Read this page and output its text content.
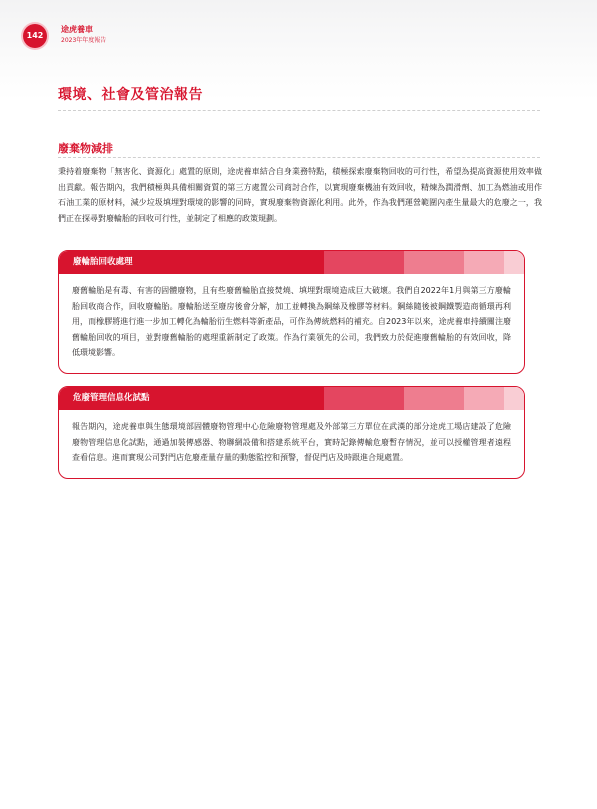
142
途虎養車
2023年年度報告
環境、社會及管治報告
廢棄物減排
秉持着廢棄物「無害化、資源化」處置的原則，途虎養車結合自身業務特點，積極探索廢棄物回收的可行性，希望為提高資源使用效率做出貢獻。報告期內，我們積極與具備相關資質的第三方處置公司商討合作，以實現廢棄機油有效回收，精煉為潤滑劑、加工為燃油或用作石油工業的原材料，減少垃圾填埋對環境的影響的同時，實現廢棄物資源化利用。此外，作為我們運營範圍內產生量最大的危廢之一，我們正在探尋對廢輪胎的回收可行性，並制定了相應的政策規劃。
廢輪胎回收處理
廢舊輪胎是有毒、有害的固體廢物，且有些廢舊輪胎直接焚燒、填埋對環境造成巨大破壞。我們自2022年1月與第三方廢輪胎回收商合作，回收廢輪胎。廢輪胎送至廢房後會分解，加工並轉換為鋼絲及橡膠等材料。鋼絲隨後被鋼鐵製造商循環再利用，而橡膠將進行進一步加工轉化為輪胎衍生燃料等新產品，可作為傳統燃料的補充。自2023年以來，途虎養車持續關注廢舊輪胎回收的項目，並對廢舊輪胎的處理重新制定了政策。作為行業領先的公司，我們致力於促進廢舊輪胎的有效回收，降低環境影響。
危廢管理信息化試點
報告期內，途虎養車與生態環境部固體廢物管理中心危險廢物管理處及外部第三方單位在武漢的部分途虎工場店建設了危險廢物管理信息化試點，通過加裝傳感器、物聯網設備和搭建系統平台，實時記錄傳輸危廢暫存情況，並可以授權管理者遠程查看信息。進而實現公司對門店危廢產量存量的動態監控和預警，督促門店及時跟進合規處置。
